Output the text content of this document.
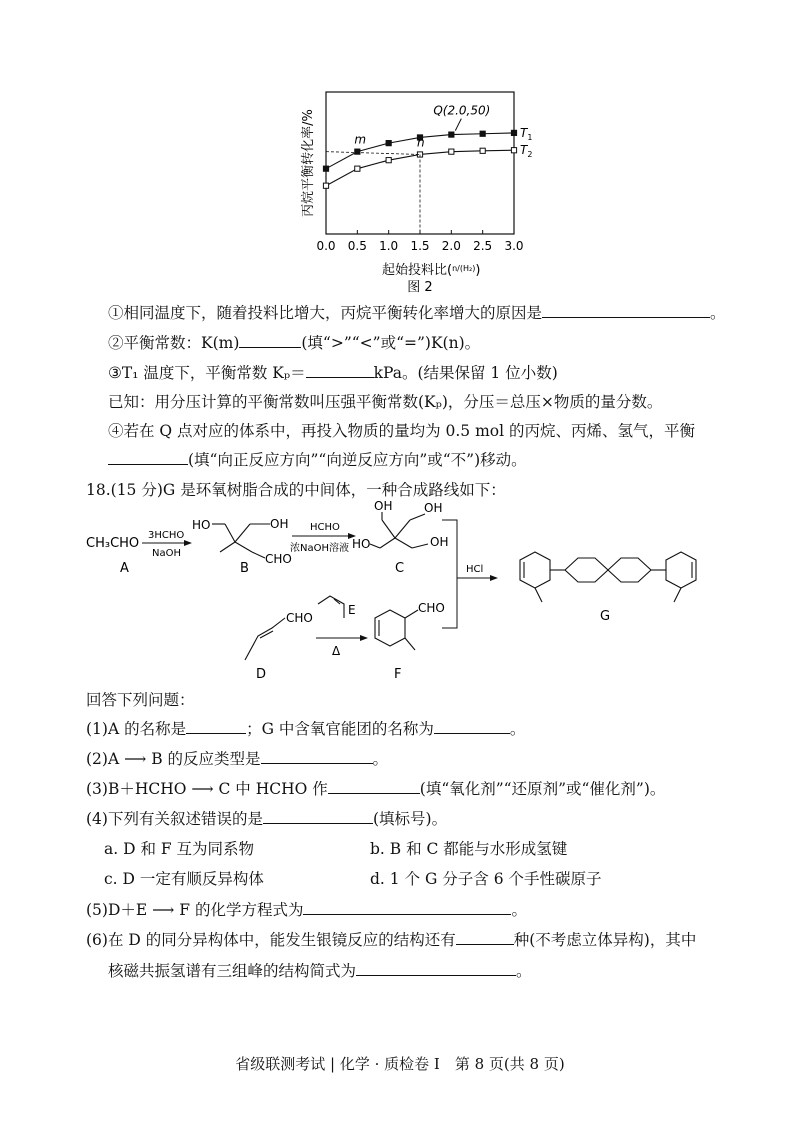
丙烷平衡转化率/%
0.0 0.5 1.0 1.5 2.0 2.5 3.0
m	n
Q(2.0,50)
$T_1$
$T_2$
起始投料比($^{n/(H_2)}$)
图 2
①相同温度下，随着投料比增大，丙烷平衡转化率增大的原因是	。
②平衡常数：K(m)	(填“>”“<”或“=”)K(n)。
③T₁ 温度下，平衡常数 Kₚ＝	kPa。(结果保留 1 位小数)
已知：用分压计算的平衡常数叫压强平衡常数(Kₚ)，分压＝总压×物质的量分数。
④若在 Q 点对应的体系中，再投入物质的量均为 0.5 mol 的丙烷、丙烯、氢气，平衡
(填“向正反应方向”“向逆反应方向”或“不”)移动。
18.(15 分)G 是环氧树脂合成的中间体，一种合成路线如下：
CH₃CHO
A
3HCHO
NaOH
HO	OH
CHO
B
HCHO
浓NaOH溶液
OH	OH
HO	OH
C	HCl
G
CHO
D
E
Δ
CHO
F
回答下列问题：
(1)A 的名称是	；G 中含氧官能团的名称为	。
(2)A ⟶ B 的反应类型是	。
(3)B＋HCHO ⟶ C 中 HCHO 作	(填“氧化剂”“还原剂”或“催化剂”)。
(4)下列有关叙述错误的是	(填标号)。
a. D 和 F 互为同系物	b. B 和 C 都能与水形成氢键
c. D 一定有顺反异构体	d. 1 个 G 分子含 6 个手性碳原子
(5)D＋E ⟶ F 的化学方程式为	。
(6)在 D 的同分异构体中，能发生银镜反应的结构还有	种(不考虑立体异构)，其中
核磁共振氢谱有三组峰的结构简式为	。
省级联测考试 | 化学 · 质检卷 Ⅰ　第 8 页(共 8 页)
